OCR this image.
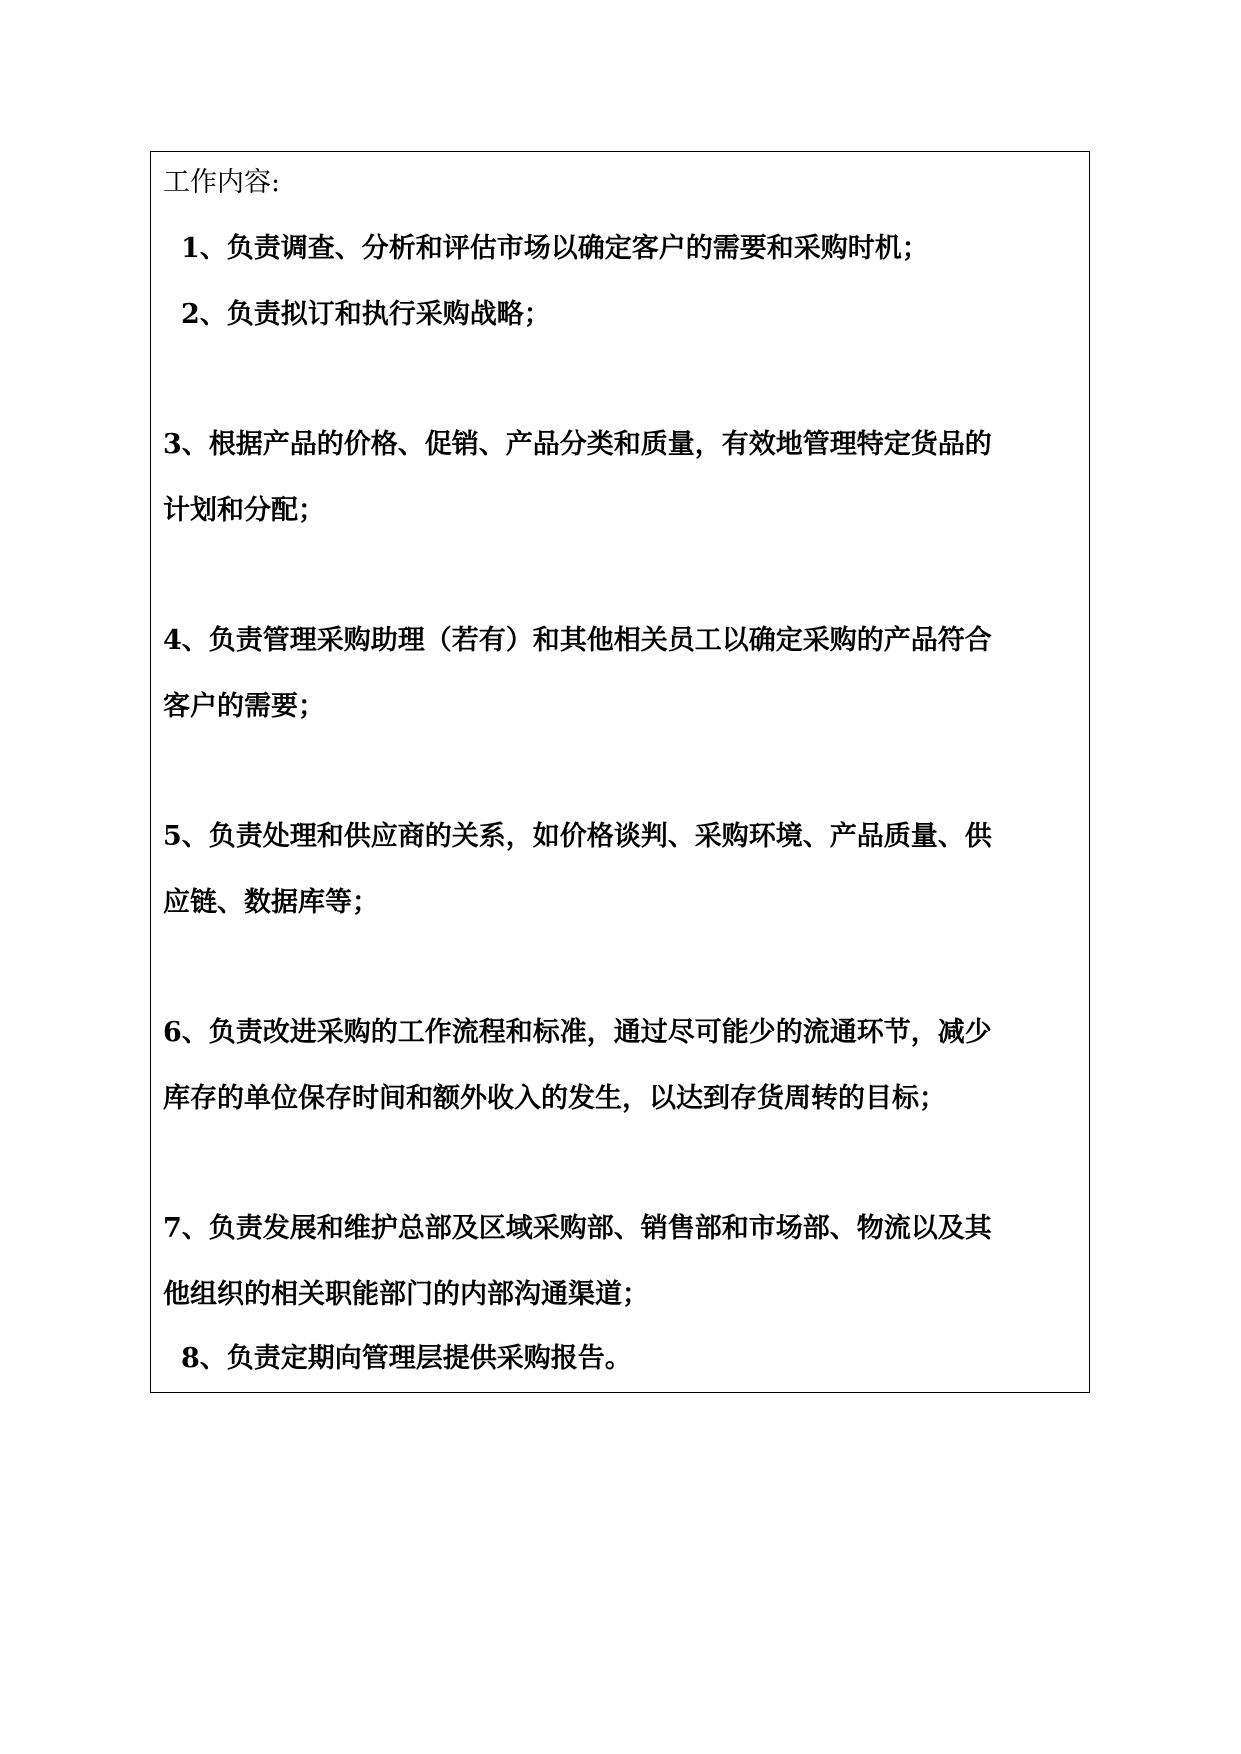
工作内容:
1、负责调查、分析和评估市场以确定客户的需要和采购时机；
2、负责拟订和执行采购战略；
3、根据产品的价格、促销、产品分类和质量，有效地管理特定货品的
计划和分配；
4、负责管理采购助理（若有）和其他相关员工以确定采购的产品符合
客户的需要；
5、负责处理和供应商的关系，如价格谈判、采购环境、产品质量、供
应链、数据库等；
6、负责改进采购的工作流程和标准，通过尽可能少的流通环节，减少
库存的单位保存时间和额外收入的发生，以达到存货周转的目标；
7、负责发展和维护总部及区域采购部、销售部和市场部、物流以及其
他组织的相关职能部门的内部沟通渠道；
8、负责定期向管理层提供采购报告。
